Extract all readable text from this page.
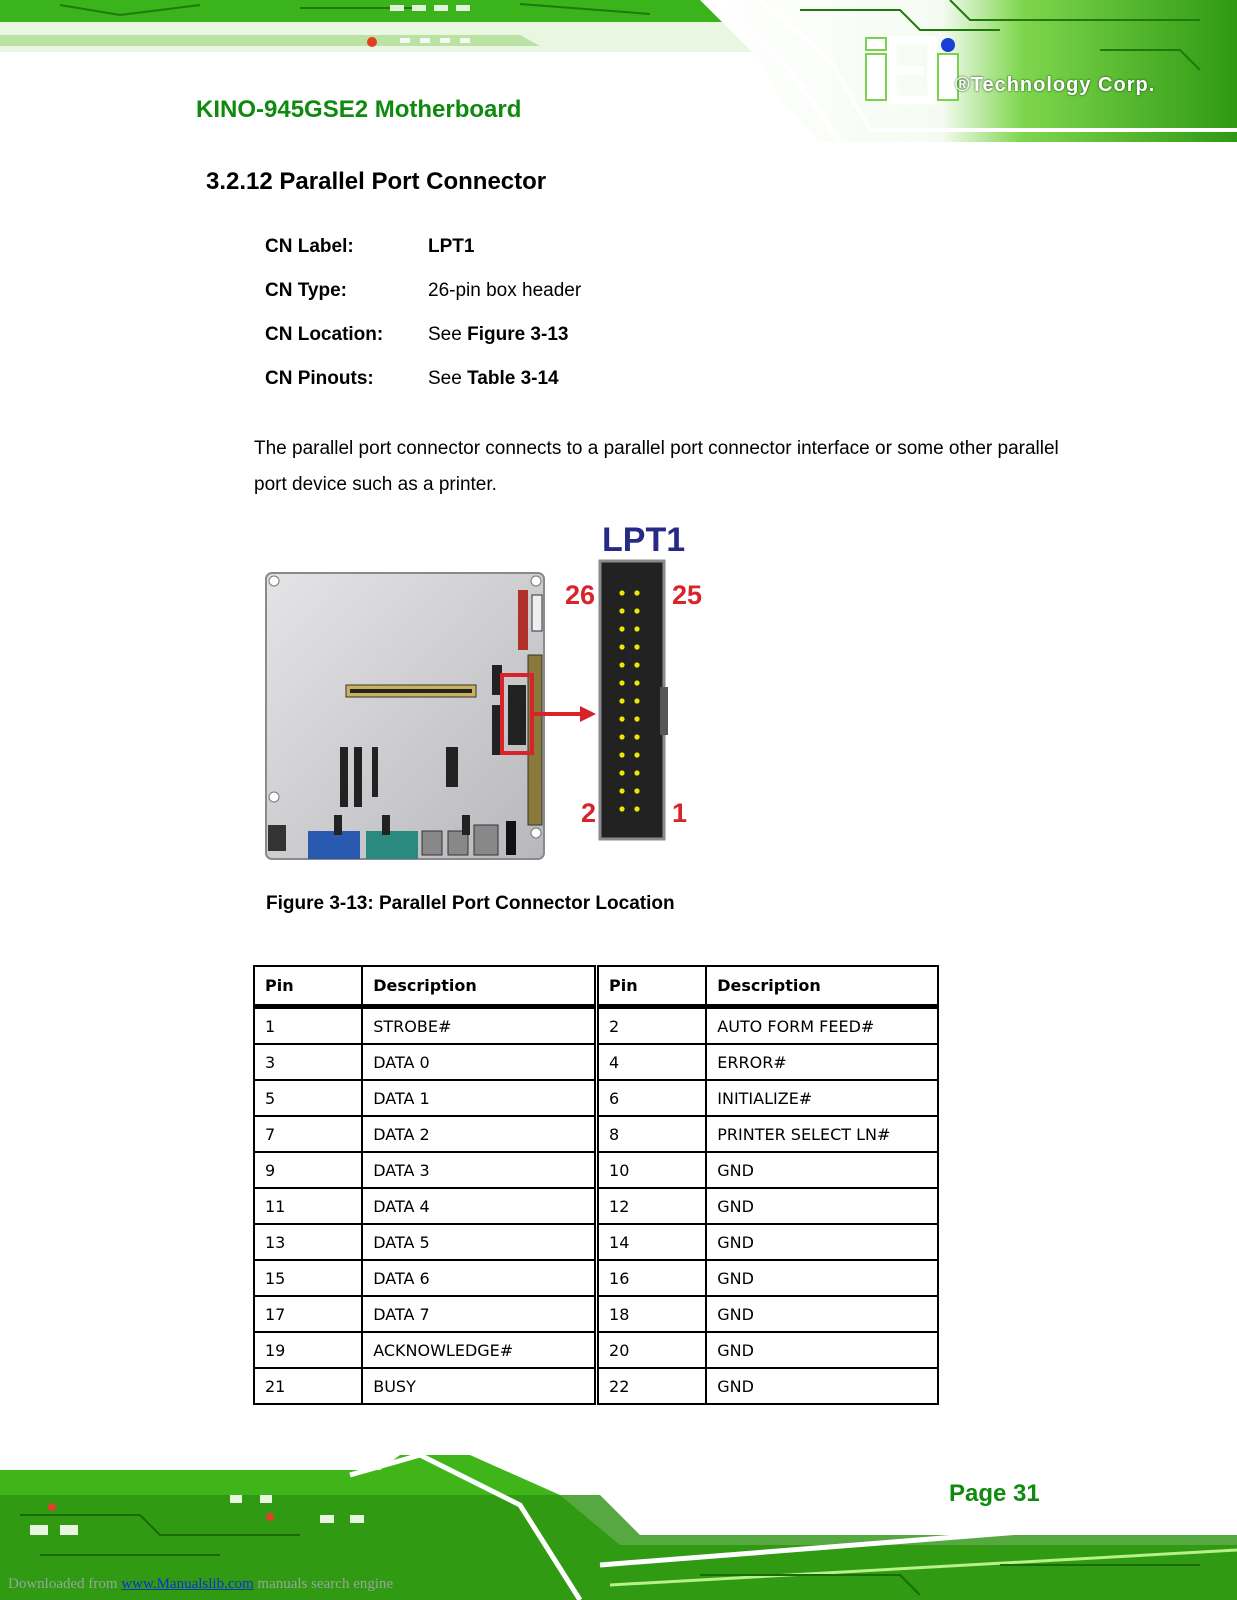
KINO-945GSE2 Motherboard
®Technology Corp.
3.2.12 Parallel Port Connector
CN Label:	LPT1
CN Type:	26-pin box header
CN Location: See Figure 3-13
CN Pinouts:	See Table 3-14
The parallel port connector connects to a parallel port connector interface or some other parallel port device such as a printer.
LPT1
26	25
2	1
Figure 3-13: Parallel Port Connector Location
Pin	Description	Pin	Description
1	STROBE#	2	AUTO FORM FEED#
3	DATA 0	4	ERROR#
5	DATA 1	6	INITIALIZE#
7	DATA 2	8	PRINTER SELECT LN#
9	DATA 3	10	GND
11	DATA 4	12	GND
13	DATA 5	14	GND
15	DATA 6	16	GND
17	DATA 7	18	GND
19	ACKNOWLEDGE#	20	GND
21	BUSY	22	GND
Page 31
Downloaded from www.Manualslib.com manuals search engine
